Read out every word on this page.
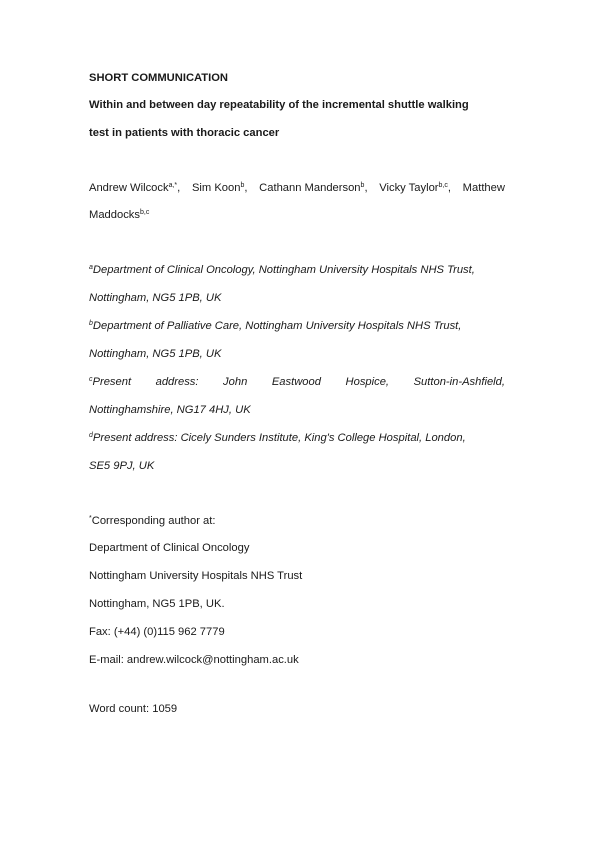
SHORT COMMUNICATION
Within and between day repeatability of the incremental shuttle walking
test in patients with thoracic cancer
Andrew Wilcock$^{a,*}$, Sim Koon$^b$, Cathann Manderson$^b$, Vicky Taylor$^{b,c}$, Matthew
Maddocks$^{b,c}$
$^a$Department of Clinical Oncology, Nottingham University Hospitals NHS Trust,
Nottingham, NG5 1PB, UK
$^b$Department of Palliative Care, Nottingham University Hospitals NHS Trust,
Nottingham, NG5 1PB, UK
$^c$Present address: John Eastwood Hospice, Sutton-in-Ashfield,
Nottinghamshire, NG17 4HJ, UK
$^d$Present address: Cicely Sunders Institute, King's College Hospital, London,
SE5 9PJ, UK
*Corresponding author at:
Department of Clinical Oncology
Nottingham University Hospitals NHS Trust
Nottingham, NG5 1PB, UK.
Fax: (+44) (0)115 962 7779
E-mail: andrew.wilcock@nottingham.ac.uk
Word count: 1059
